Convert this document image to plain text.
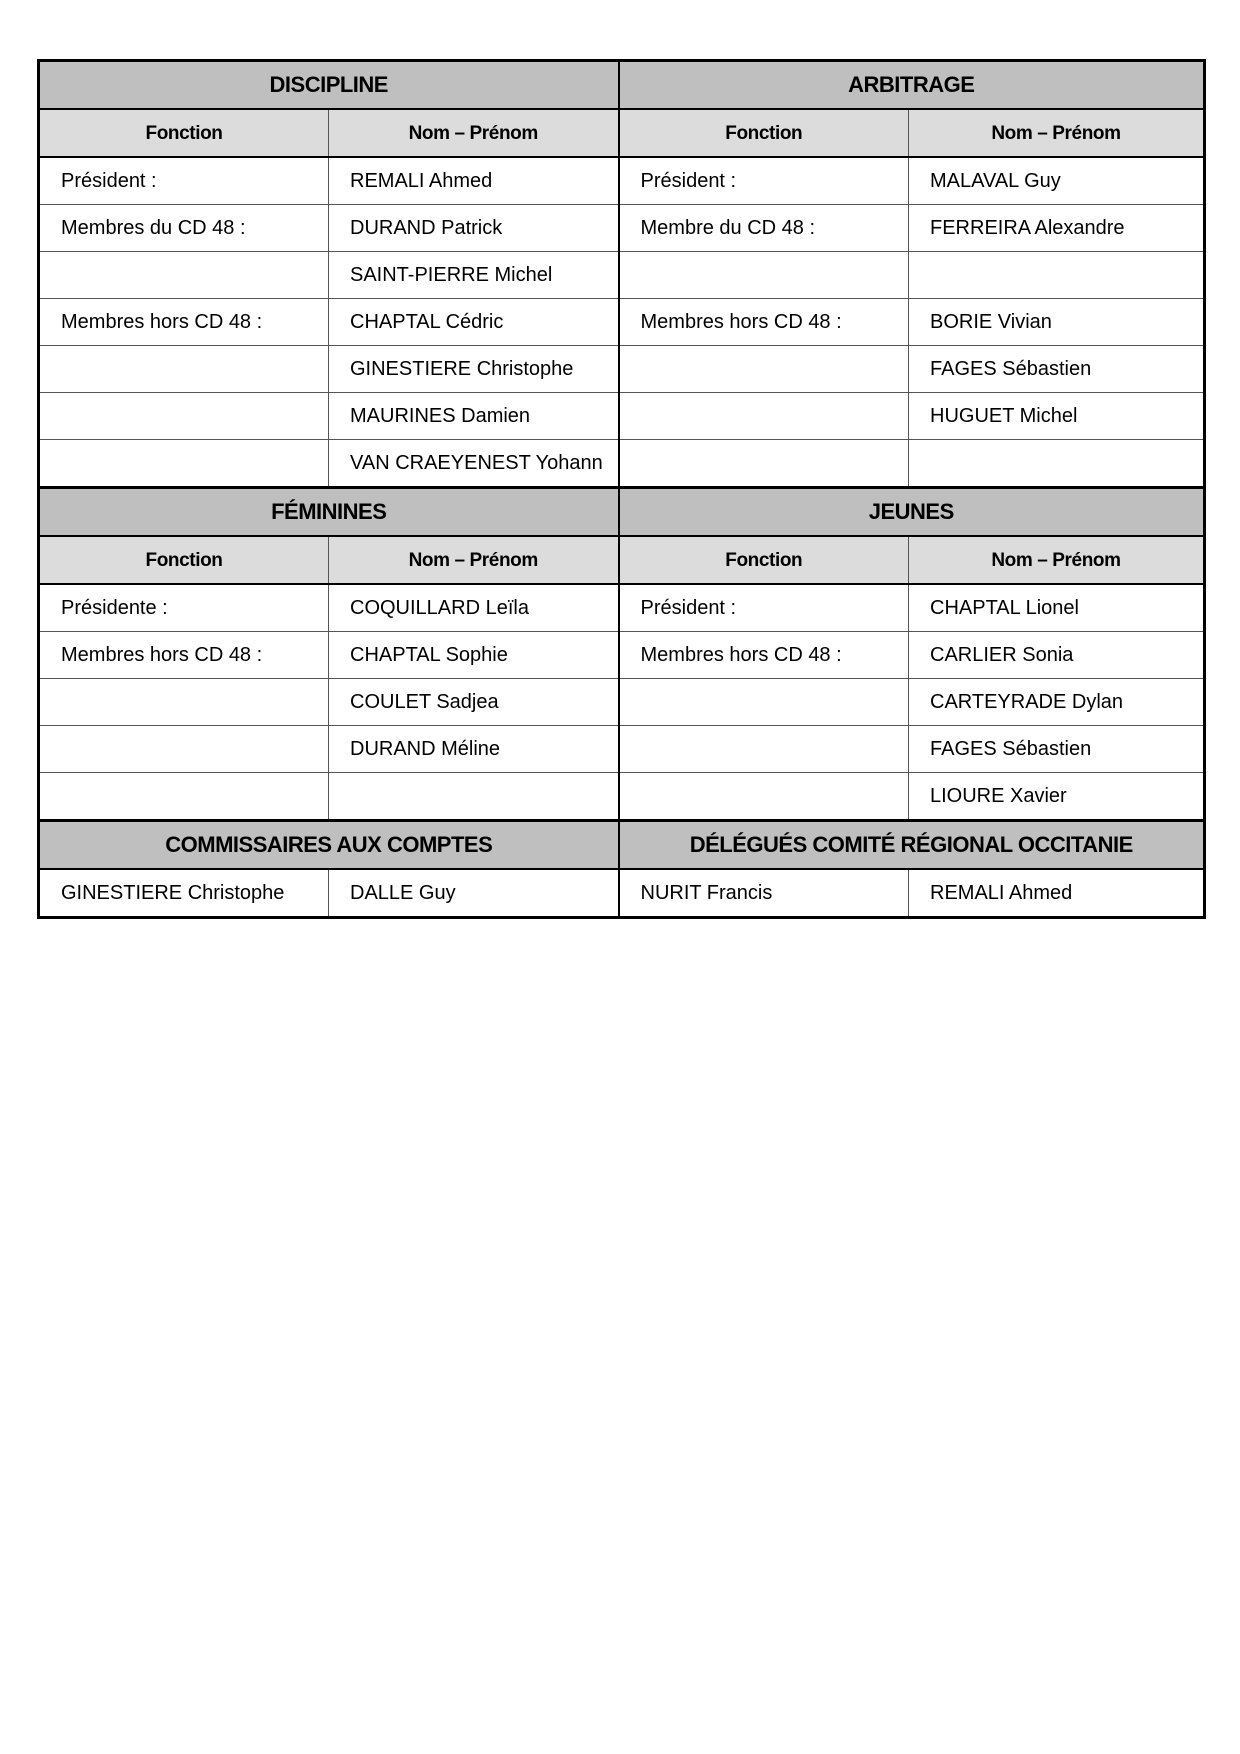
DISCIPLINE		ARBITRAGE	
Fonction	Nom – Prénom	Fonction	Nom – Prénom
Président :	REMALI Ahmed	Président :	MALAVAL Guy
Membres du CD 48 :	DURAND Patrick	Membre du CD 48 :	FERREIRA Alexandre
	SAINT-PIERRE Michel		
Membres hors CD 48 :	CHAPTAL Cédric	Membres hors CD 48 :	BORIE Vivian
	GINESTIERE Christophe		FAGES Sébastien
	MAURINES Damien		HUGUET Michel
	VAN CRAEYENEST Yohann		
FÉMININES		JEUNES	
Fonction	Nom – Prénom	Fonction	Nom – Prénom
Présidente :	COQUILLARD Leïla	Président :	CHAPTAL Lionel
Membres hors CD 48 :	CHAPTAL Sophie	Membres hors CD 48 :	CARLIER Sonia
	COULET Sadjea		CARTEYRADE Dylan
	DURAND Méline		FAGES Sébastien
			LIOURE Xavier
COMMISSAIRES AUX COMPTES		DÉLÉGUÉS COMITÉ RÉGIONAL OCCITANIE	
GINESTIERE Christophe	DALLE Guy	NURIT Francis	REMALI Ahmed
